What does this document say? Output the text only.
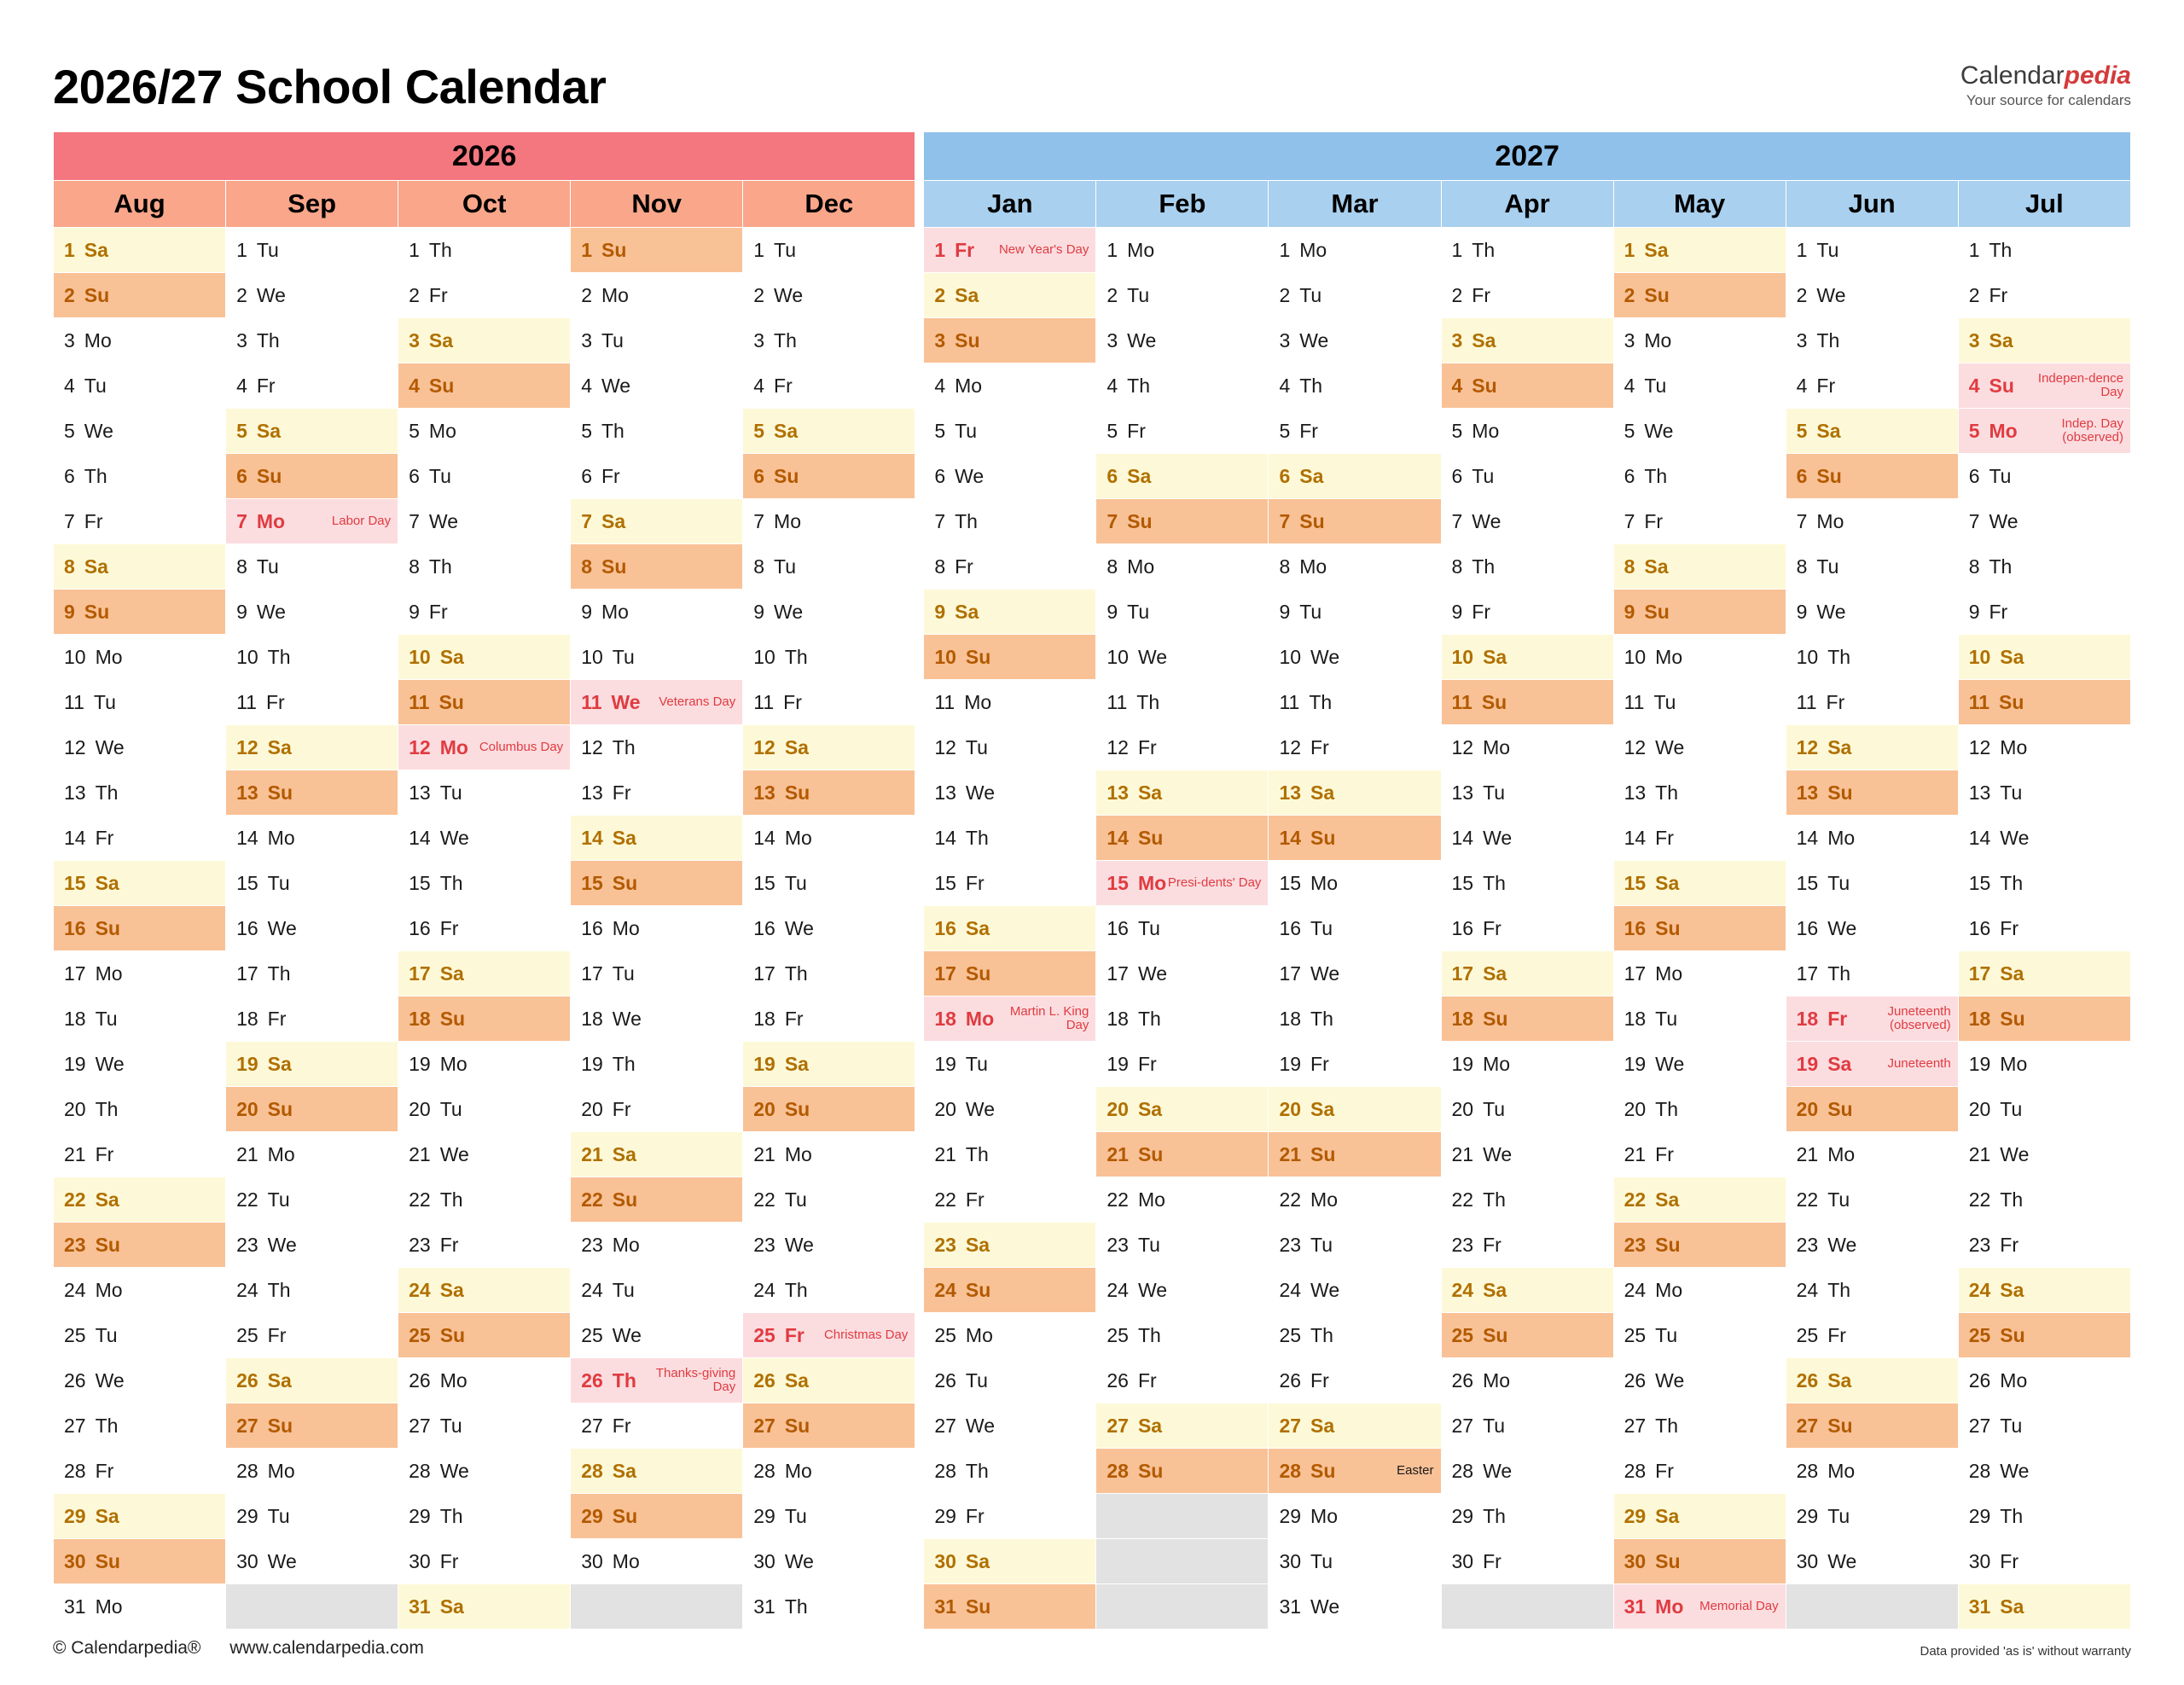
2026/27 School Calendar	Calendarpedia
Your source for calendars
2026						2027						
Aug	Sep	Oct	Nov	Dec		Jan	Feb	Mar	Apr	May	Jun	Jul

1 Sa	1 Tu	1 Th	1 Su	1 Tu		1 Fr New Year's Day	1 Mo	1 Mo	1 Th	1 Sa	1 Tu	1 Th

2 Su	2 We	2 Fr	2 Mo	2 We		2 Sa	2 Tu	2 Tu	2 Fr	2 Su	2 We	2 Fr

3 Mo	3 Th	3 Sa	3 Tu	3 Th		3 Su	3 We	3 We	3 Sa	3 Mo	3 Th	3 Sa

4 Tu	4 Fr	4 Su	4 We	4 Fr		4 Mo	4 Th	4 Th	4 Su	4 Tu	4 Fr	4 Su Indepen-dence Day

5 We	5 Sa	5 Mo	5 Th	5 Sa		5 Tu	5 Fr	5 Fr	5 Mo	5 We	5 Sa	5 Mo Indep. Day (observed)

6 Th	6 Su	6 Tu	6 Fr	6 Su		6 We	6 Sa	6 Sa	6 Tu	6 Th	6 Su	6 Tu

7 Fr	7 Mo Labor Day	7 We	7 Sa	7 Mo		7 Th	7 Su	7 Su	7 We	7 Fr	7 Mo	7 We

8 Sa	8 Tu	8 Th	8 Su	8 Tu		8 Fr	8 Mo	8 Mo	8 Th	8 Sa	8 Tu	8 Th

9 Su	9 We	9 Fr	9 Mo	9 We		9 Sa	9 Tu	9 Tu	9 Fr	9 Su	9 We	9 Fr

10 Mo	10 Th	10 Sa	10 Tu	10 Th		10 Su	10 We	10 We	10 Sa	10 Mo	10 Th	10 Sa

11 Tu	11 Fr	11 Su	11 We Veterans Day	11 Fr		11 Mo	11 Th	11 Th	11 Su	11 Tu	11 Fr	11 Su

12 We	12 Sa	12 Mo Columbus Day	12 Th	12 Sa		12 Tu	12 Fr	12 Fr	12 Mo	12 We	12 Sa	12 Mo

13 Th	13 Su	13 Tu	13 Fr	13 Su		13 We	13 Sa	13 Sa	13 Tu	13 Th	13 Su	13 Tu

14 Fr	14 Mo	14 We	14 Sa	14 Mo		14 Th	14 Su	14 Su	14 We	14 Fr	14 Mo	14 We

15 Sa	15 Tu	15 Th	15 Su	15 Tu		15 Fr	15 Mo Presi-dents' Day	15 Mo	15 Th	15 Sa	15 Tu	15 Th

16 Su	16 We	16 Fr	16 Mo	16 We		16 Sa	16 Tu	16 Tu	16 Fr	16 Su	16 We	16 Fr

17 Mo	17 Th	17 Sa	17 Tu	17 Th		17 Su	17 We	17 We	17 Sa	17 Mo	17 Th	17 Sa

18 Tu	18 Fr	18 Su	18 We	18 Fr		18 Mo Martin L. King Day	18 Th	18 Th	18 Su	18 Tu	18 Fr Juneteenth (observed)	18 Su

19 We	19 Sa	19 Mo	19 Th	19 Sa		19 Tu	19 Fr	19 Fr	19 Mo	19 We	19 Sa Juneteenth	19 Mo

20 Th	20 Su	20 Tu	20 Fr	20 Su		20 We	20 Sa	20 Sa	20 Tu	20 Th	20 Su	20 Tu

21 Fr	21 Mo	21 We	21 Sa	21 Mo		21 Th	21 Su	21 Su	21 We	21 Fr	21 Mo	21 We

22 Sa	22 Tu	22 Th	22 Su	22 Tu		22 Fr	22 Mo	22 Mo	22 Th	22 Sa	22 Tu	22 Th

23 Su	23 We	23 Fr	23 Mo	23 We		23 Sa	23 Tu	23 Tu	23 Fr	23 Su	23 We	23 Fr

24 Mo	24 Th	24 Sa	24 Tu	24 Th		24 Su	24 We	24 We	24 Sa	24 Mo	24 Th	24 Sa

25 Tu	25 Fr	25 Su	25 We	25 Fr Christmas Day		25 Mo	25 Th	25 Th	25 Su	25 Tu	25 Fr	25 Su

26 We	26 Sa	26 Mo	26 Th Thanks-giving Day	26 Sa		26 Tu	26 Fr	26 Fr	26 Mo	26 We	26 Sa	26 Mo

27 Th	27 Su	27 Tu	27 Fr	27 Su		27 We	27 Sa	27 Sa	27 Tu	27 Th	27 Su	27 Tu

28 Fr	28 Mo	28 We	28 Sa	28 Mo		28 Th	28 Su	28 Su Easter	28 We	28 Fr	28 Mo	28 We

29 Sa	29 Tu	29 Th	29 Su	29 Tu		29 Fr		29 Mo	29 Th	29 Sa	29 Tu	29 Th

30 Su	30 We	30 Fr	30 Mo	30 We		30 Sa		30 Tu	30 Fr	30 Su	30 We	30 Fr

31 Mo		31 Sa		31 Th		31 Su		31 We		31 Mo Memorial Day		31 Sa
© Calendarpedia® www.calendarpedia.com	Data provided 'as is' without warranty
